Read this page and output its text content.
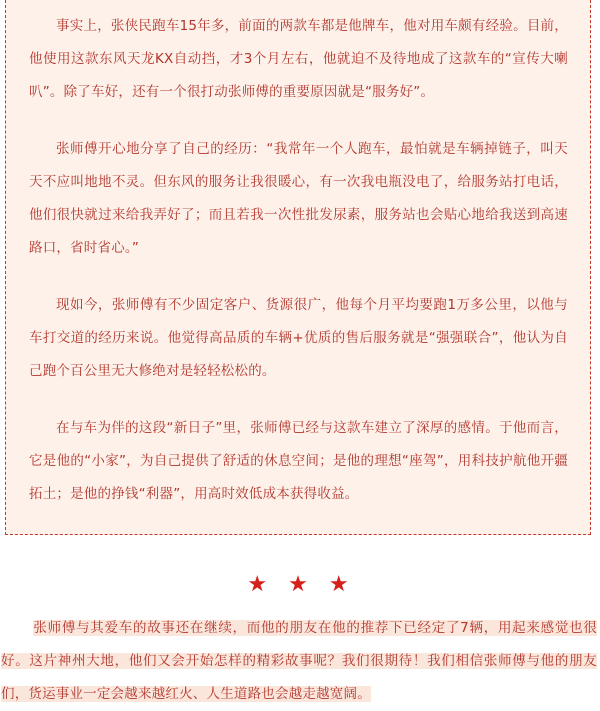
事实上，张侠民跑车15年多，前面的两款车都是他牌车，他对用车颇有经验。目前，他使用这款东风天龙KX自动挡，才3个月左右，他就迫不及待地成了这款车的“宣传大喇叭”。除了车好，还有一个很打动张师傅的重要原因就是“服务好”。

张师傅开心地分享了自己的经历：“我常年一个人跑车，最怕就是车辆掉链子，叫天天不应叫地地不灵。但东风的服务让我很暖心，有一次我电瓶没电了，给服务站打电话，他们很快就过来给我弄好了；而且若我一次性批发尿素，服务站也会贴心地给我送到高速路口，省时省心。”

现如今，张师傅有不少固定客户、货源很广，他每个月平均要跑1万多公里，以他与车打交道的经历来说。他觉得高品质的车辆+优质的售后服务就是“强强联合”，他认为自己跑个百公里无大修绝对是轻轻松松的。

在与车为伴的这段“新日子”里，张师傅已经与这款车建立了深厚的感情。于他而言，它是他的“小家”，为自己提供了舒适的休息空间；是他的理想“座驾”，用科技护航他开疆拓土；是他的挣钱“利器”，用高时效低成本获得收益。

★ ★ ★

张师傅与其爱车的故事还在继续，而他的朋友在他的推荐下已经定了7辆，用起来感觉也很好。这片神州大地，他们又会开始怎样的精彩故事呢？我们很期待！我们相信张师傅与他的朋友们，货运事业一定会越来越红火、人生道路也会越走越宽阔。
